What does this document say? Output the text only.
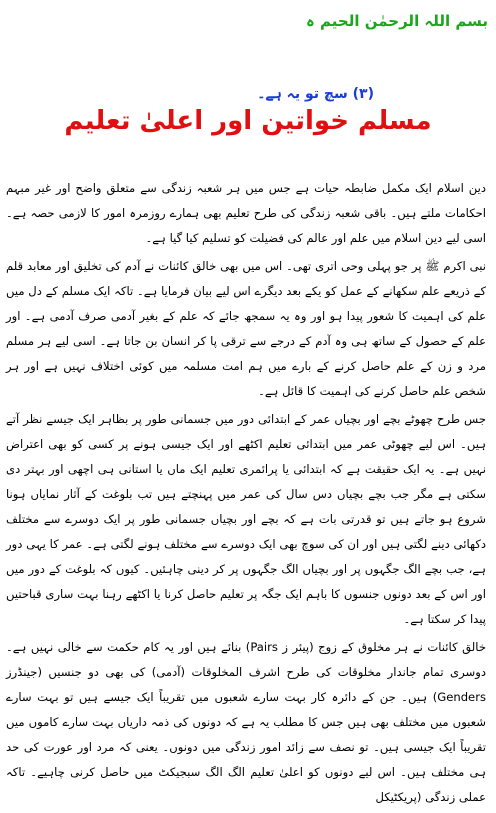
بسم اللہ الرحمٰن الحیم ہ
(۳) سچ تو یہ ہے۔
مسلم خواتین اور اعلیٰ تعلیم

دین اسلام ایک مکمل ضابطہ حیات ہے جس میں ہر شعبہ زندگی سے متعلق واضح اور غیر مبہم احکامات ملتے ہیں۔ باقی شعبہ زندگی کی طرح تعلیم بھی ہمارے روزمرہ امور کا لازمی حصہ ہے۔ اسی لیے دین اسلام میں علم اور عالم کی فضیلت کو تسلیم کیا گیا ہے۔

نبی اکرم ﷺ پر جو پہلی وحی اتری تھی۔ اس میں بھی خالق کائنات نے آدم کی تخلیق اور معابد قلم کے ذریعے علم سکھانے کے عمل کو یکے بعد دیگرے اس لیے بیان فرمایا ہے۔ تاکہ ایک مسلم کے دل میں علم کی اہمیت کا شعور پیدا ہو اور وہ یہ سمجھ جائے کہ علم کے بغیر آدمی صرف آدمی ہے۔ اور علم کے حصول کے ساتھ ہی وہ آدم کے درجے سے ترقی پا کر انسان بن جاتا ہے۔ اسی لیے ہر مسلم مرد و زن کے علم حاصل کرنے کے بارے میں ہم امت مسلمہ میں کوئی اختلاف نہیں ہے اور ہر شخص علم حاصل کرنے کی اہمیت کا قائل ہے۔

جس طرح چھوٹے بچے اور بچیاں عمر کے ابتدائی دور میں جسمانی طور پر بظاہر ایک جیسے نظر آتے ہیں۔ اس لیے چھوٹی عمر میں ابتدائی تعلیم اکٹھے اور ایک جیسی ہونے پر کسی کو بھی اعتراض نہیں ہے۔ یہ ایک حقیقت ہے کہ ابتدائی یا پرائمری تعلیم ایک ماں یا استانی ہی اچھی اور بہتر دی سکتی ہے مگر جب بچے بچیاں دس سال کی عمر میں پہنچتے ہیں تب بلوغت کے آثار نمایاں ہونا شروع ہو جاتے ہیں تو قدرتی بات ہے کہ بچے اور بچیاں جسمانی طور پر ایک دوسرے سے مختلف دکھائی دینے لگتی ہیں اور ان کی سوچ بھی ایک دوسرے سے مختلف ہونے لگتی ہے۔ عمر کا یہی دور ہے، جب بچے الگ جگہوں پر اور بچیاں الگ جگہوں پر کر دینی چاہئیں۔ کیوں کہ بلوغت کے دور میں اور اس کے بعد دونوں جنسوں کا باہم ایک جگہ پر تعلیم حاصل کرنا یا اکٹھے رہنا بہت ساری قباحتیں پیدا کر سکتا ہے۔

خالق کائنات نے ہر مخلوق کے زوج (پیئر ز Pairs) بنائے ہیں اور یہ کام حکمت سے خالی نہیں ہے۔ دوسری تمام جاندار مخلوقات کی طرح اشرف المخلوقات (آدمی) کی بھی دو جنسیں (جینڈرز Genders) ہیں۔ جن کے دائرہ کار بہت سارے شعبوں میں تقریباً ایک جیسے ہیں تو بہت سارے شعبوں میں مختلف بھی ہیں جس کا مطلب یہ ہے کہ دونوں کی ذمہ داریاں بہت سارے کاموں میں تقریباً ایک جیسی ہیں۔ تو نصف سے زائد امور زندگی میں دونوں۔ یعنی کہ مرد اور عورت کی حد ہی مختلف ہیں۔ اس لیے دونوں کو اعلیٰ تعلیم الگ الگ سبجیکٹ میں حاصل کرنی چاہیے۔ تاکہ عملی زندگی (پریکٹیکل
